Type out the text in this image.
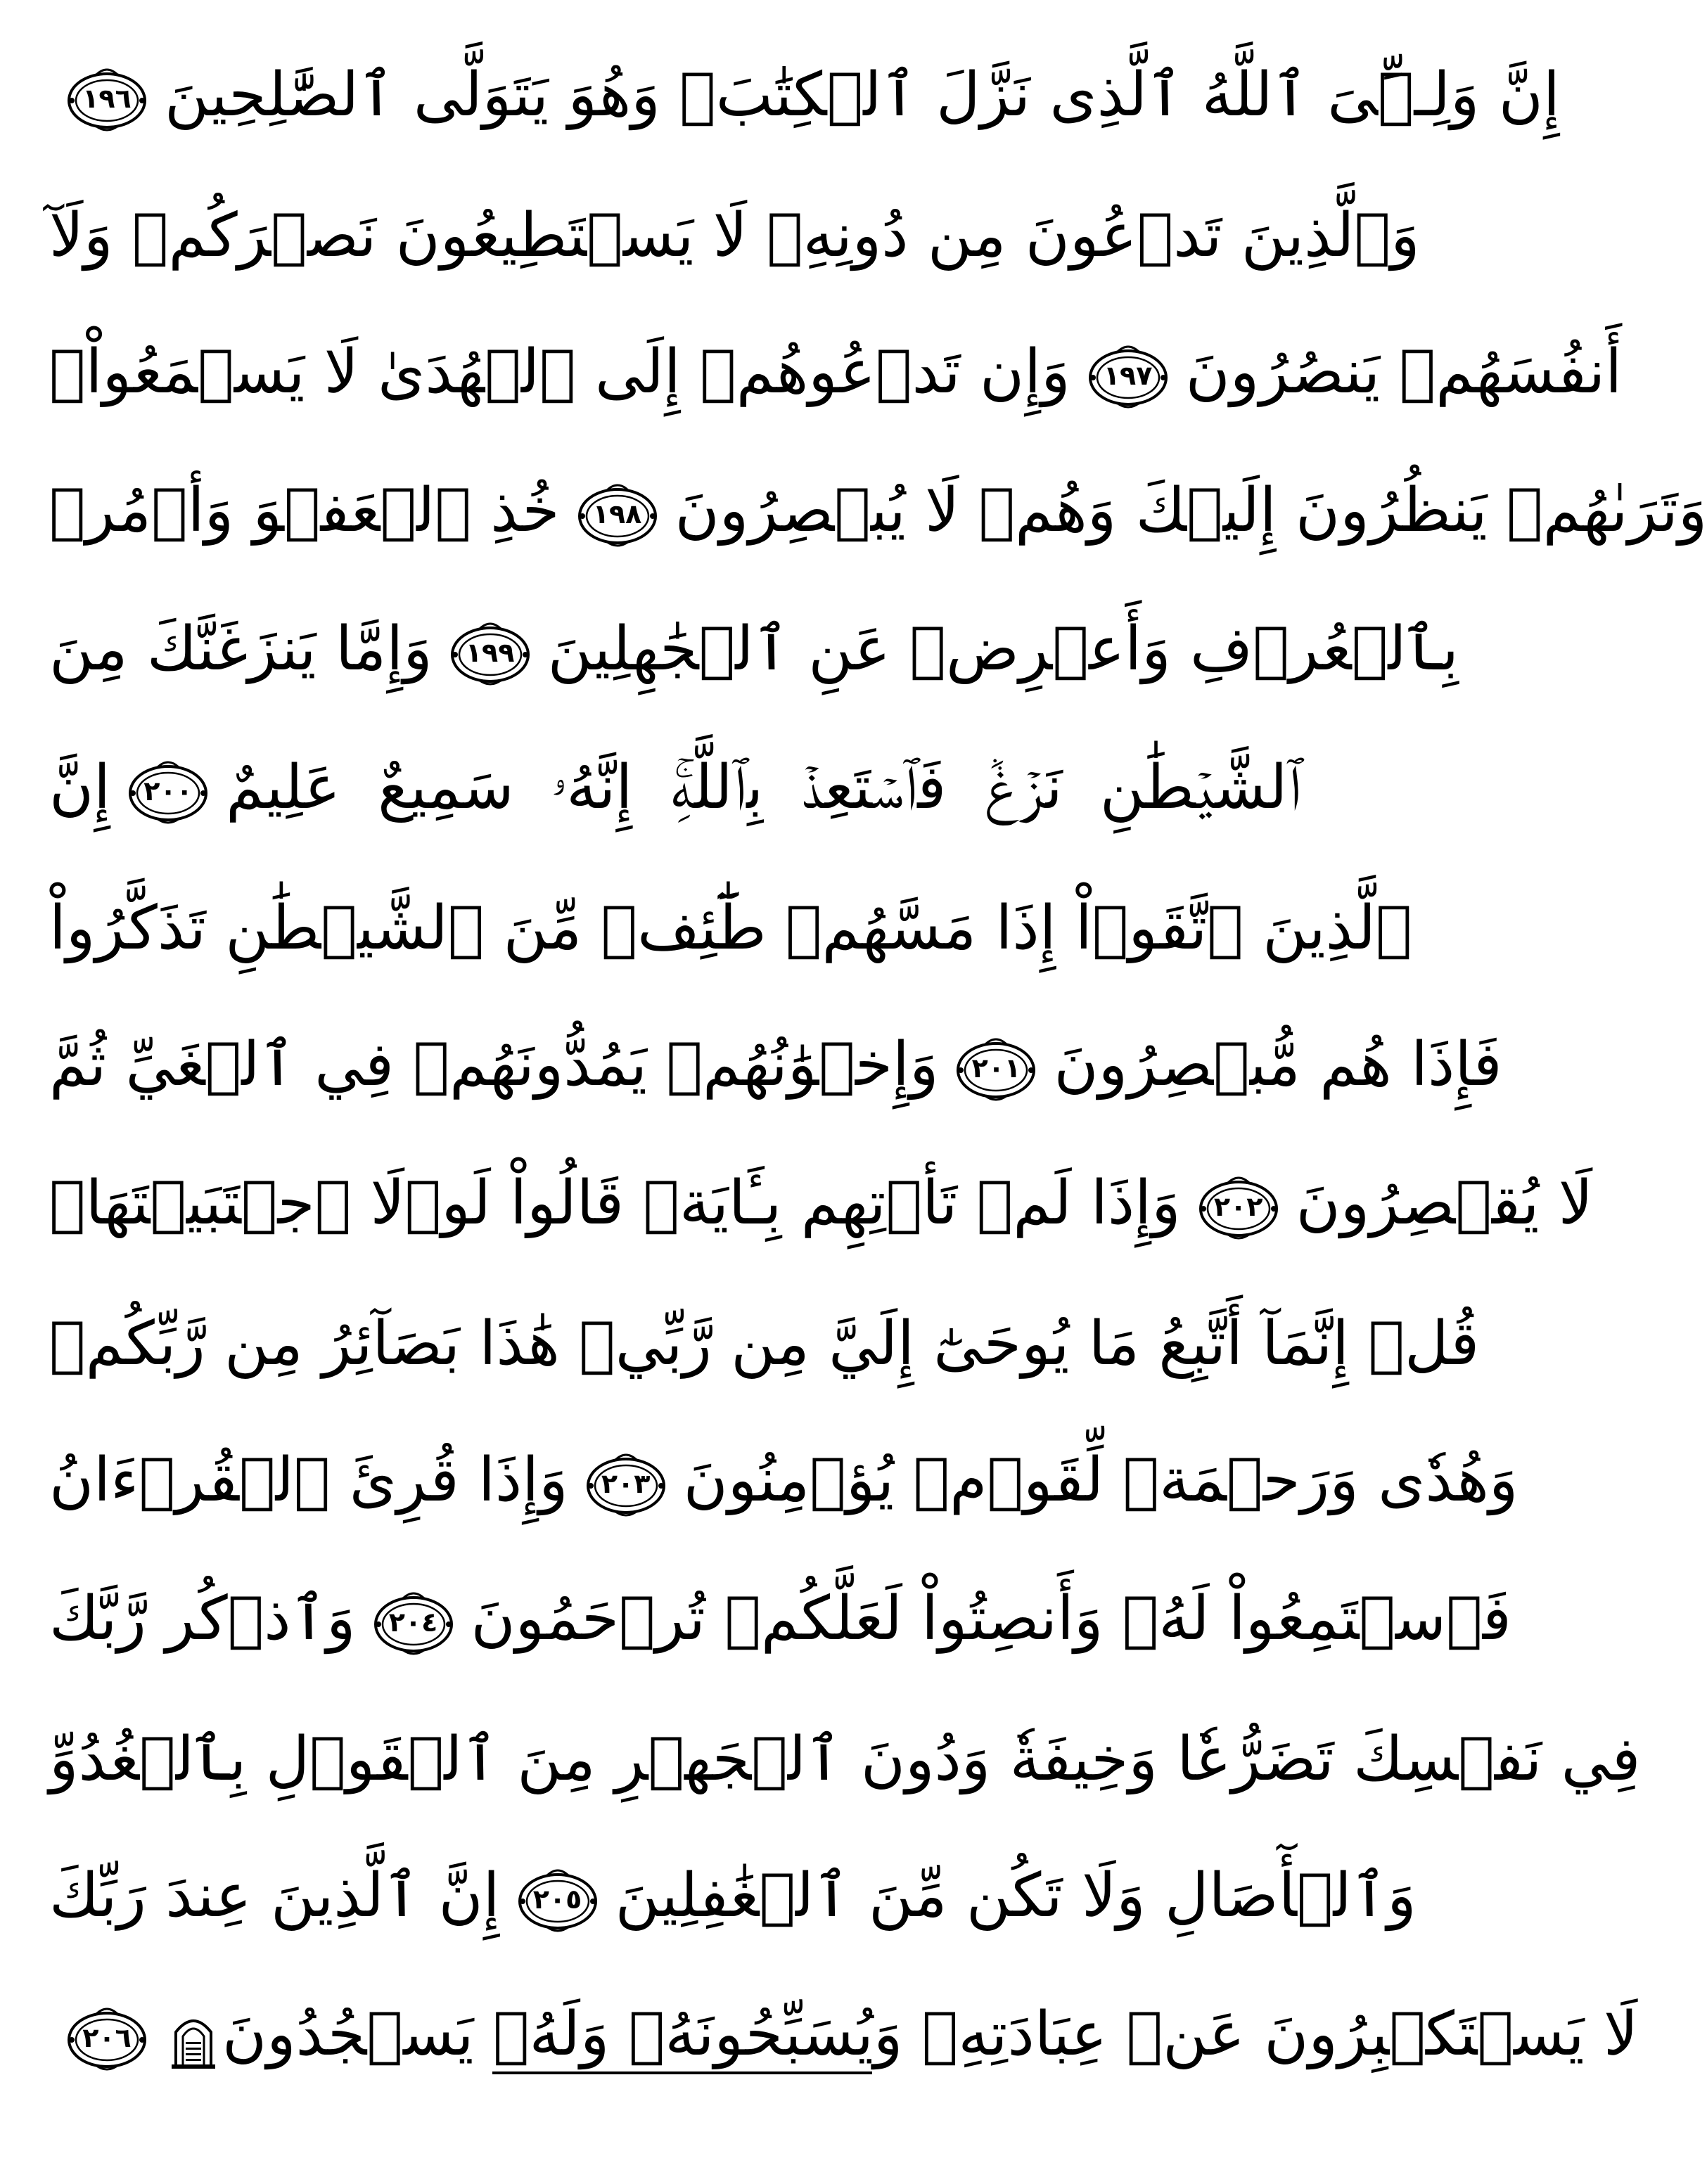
إِنَّ وَلِـِّۧىَ ٱللَّهُ ٱلَّذِى نَزَّلَ ٱلۡكِتَٰبَۖ وَهُوَ يَتَوَلَّى ٱلصَّٰلِحِينَ
١٩٦
وَٱلَّذِينَ تَدۡعُونَ مِن دُونِهِۦ لَا يَسۡتَطِيعُونَ نَصۡرَكُمۡ وَلَآ
أَنفُسَهُمۡ يَنصُرُونَ
١٩٧
وَإِن تَدۡعُوهُمۡ إِلَى ٱلۡهُدَىٰ لَا يَسۡمَعُواْۖ
وَتَرَىٰهُمۡ يَنظُرُونَ إِلَيۡكَ وَهُمۡ لَا يُبۡصِرُونَ
١٩٨
خُذِ ٱلۡعَفۡوَ وَأۡمُرۡ
بِٱلۡعُرۡفِ وَأَعۡرِضۡ عَنِ ٱلۡجَٰهِلِينَ
١٩٩
وَإِمَّا يَنزَغَنَّكَ مِنَ
ٱلشَّيۡطَٰنِ نَزۡغٞ فَٱسۡتَعِذۡ بِٱللَّهِۚ إِنَّهُۥ سَمِيعٌ عَلِيمٌ
٢٠٠
إِنَّ
ٱلَّذِينَ ٱتَّقَوۡاْ إِذَا مَسَّهُمۡ طَٰٓئِفٞ مِّنَ ٱلشَّيۡطَٰنِ تَذَكَّرُواْ
فَإِذَا هُم مُّبۡصِرُونَ
٢٠١
وَإِخۡوَٰنُهُمۡ يَمُدُّونَهُمۡ فِي ٱلۡغَيِّ ثُمَّ
لَا يُقۡصِرُونَ
٢٠٢
وَإِذَا لَمۡ تَأۡتِهِم بِـَٔايَةٖ قَالُواْ لَوۡلَا ٱجۡتَبَيۡتَهَاۚ
قُلۡ إِنَّمَآ أَتَّبِعُ مَا يُوحَىٰٓ إِلَيَّ مِن رَّبِّيۚ هَٰذَا بَصَآئِرُ مِن رَّبِّكُمۡ
وَهُدٗى وَرَحۡمَةٞ لِّقَوۡمٖ يُؤۡمِنُونَ
٢٠٣
وَإِذَا قُرِئَ ٱلۡقُرۡءَانُ
فَٱسۡتَمِعُواْ لَهُۥ وَأَنصِتُواْ لَعَلَّكُمۡ تُرۡحَمُونَ
٢٠٤
وَٱذۡكُر رَّبَّكَ
فِي نَفۡسِكَ تَضَرُّعٗا وَخِيفَةٗ وَدُونَ ٱلۡجَهۡرِ مِنَ ٱلۡقَوۡلِ بِٱلۡغُدُوِّ
وَٱلۡأٓصَالِ وَلَا تَكُن مِّنَ ٱلۡغَٰفِلِينَ
٢٠٥
إِنَّ ٱلَّذِينَ عِندَ رَبِّكَ
لَا يَسۡتَكۡبِرُونَ عَنۡ عِبَادَتِهِۦ وَيُسَبِّحُونَهُۥ وَلَهُۥ يَسۡجُدُونَ
٢٠٦
